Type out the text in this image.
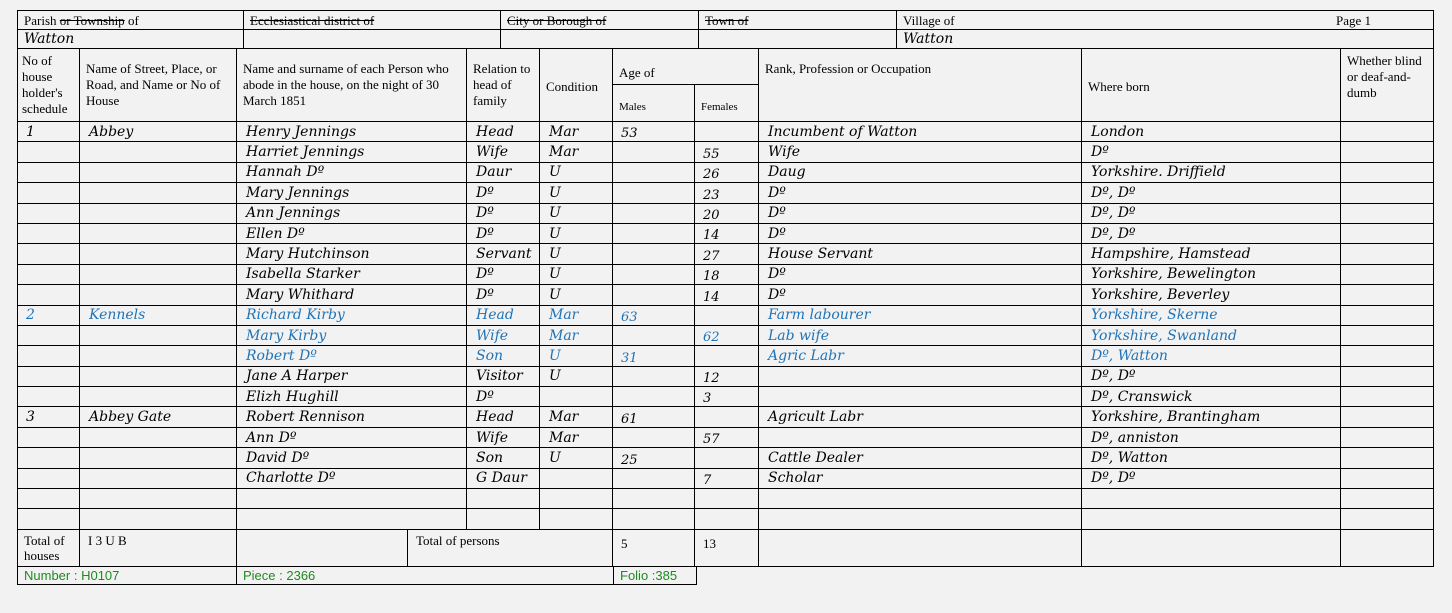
Parish or Township of	Ecclesiastical district of	City or Borough of	Town of	Village of Page 1

Watton				Watton
No of house holder's schedule	Name of Street, Place, or Road, and Name or No of House	Name and surname of each Person who abode in the house, on the night of 30 March 1851	Relation to head of family	Condition	Age of	Rank, Profession or Occupation	Where born	Whether blind or deaf-and-dumb
Males	Females
1	Abbey	Henry Jennings	Head	Mar	53		Incumbent of Watton	London	
		Harriet Jennings	Wife	Mar		55	Wife	Dº	
		Hannah Dº	Daur	U		26	Daug	Yorkshire. Driffield	
		Mary Jennings	Dº	U		23	Dº	Dº, Dº	
		Ann Jennings	Dº	U		20	Dº	Dº, Dº	
		Ellen Dº	Dº	U		14	Dº	Dº, Dº	
		Mary Hutchinson	Servant	U		27	House Servant	Hampshire, Hamstead	
		Isabella Starker	Dº	U		18	Dº	Yorkshire, Bewelington	
		Mary Whithard	Dº	U		14	Dº	Yorkshire, Beverley	
2	Kennels	Richard Kirby	Head	Mar	63		Farm labourer	Yorkshire, Skerne	
		Mary Kirby	Wife	Mar		62	Lab wife	Yorkshire, Swanland	
		Robert Dº	Son	U	31		Agric Labr	Dº, Watton	
		Jane A Harper	Visitor	U		12		Dº, Dº	
		Elizh Hughill	Dº			3		Dº, Cranswick	
3	Abbey Gate	Robert Rennison	Head	Mar	61		Agricult Labr	Yorkshire, Brantingham	
		Ann Dº	Wife	Mar		57		Dº, anniston	
		David Dº	Son	U	25		Cattle Dealer	Dº, Watton	
		Charlotte Dº	G Daur			7	Scholar	Dº, Dº	

Total of houses	I 3 U B	
		Total of persons
		5	13			
Number : H0107	Piece : 2366	Folio :385
